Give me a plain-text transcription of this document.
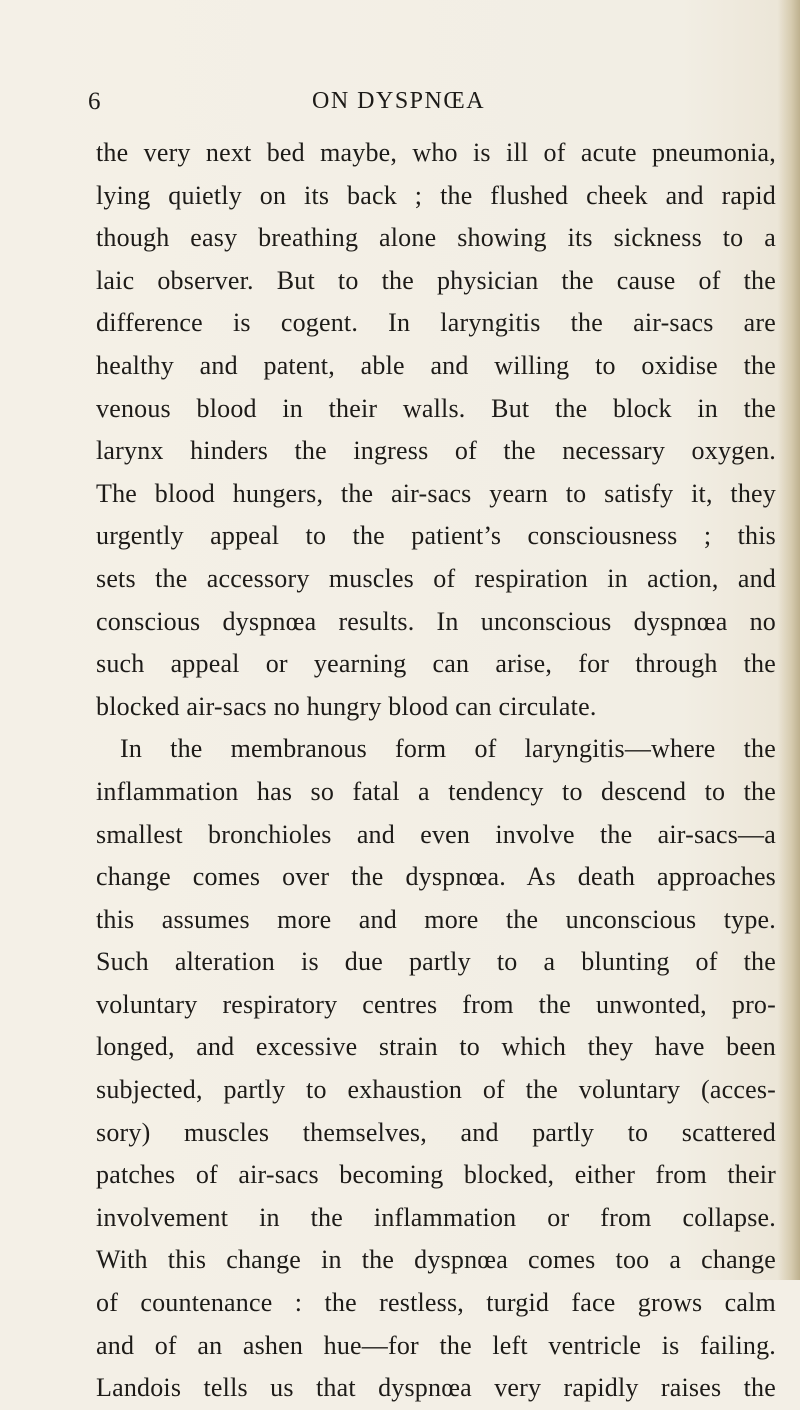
6	ON DYSPNŒA
the very next bed maybe, who is ill of acute pneumonia,
lying quietly on its back ; the flushed cheek and rapid
though easy breathing alone showing its sickness to a
laic observer. But to the physician the cause of the
difference is cogent. In laryngitis the air-sacs are
healthy and patent, able and willing to oxidise the
venous blood in their walls. But the block in the
larynx hinders the ingress of the necessary oxygen.
The blood hungers, the air-sacs yearn to satisfy it, they
urgently appeal to the patient’s consciousness ; this
sets the accessory muscles of respiration in action, and
conscious dyspnœa results. In unconscious dyspnœa no
such appeal or yearning can arise, for through the
blocked air-sacs no hungry blood can circulate.
In the membranous form of laryngitis—where the
inflammation has so fatal a tendency to descend to the
smallest bronchioles and even involve the air-sacs—a
change comes over the dyspnœa. As death approaches
this assumes more and more the unconscious type.
Such alteration is due partly to a blunting of the
voluntary respiratory centres from the unwonted, pro-
longed, and excessive strain to which they have been
subjected, partly to exhaustion of the voluntary (acces-
sory) muscles themselves, and partly to scattered
patches of air-sacs becoming blocked, either from their
involvement in the inflammation or from collapse.
With this change in the dyspnœa comes too a change
of countenance : the restless, turgid face grows calm
and of an ashen hue—for the left ventricle is failing.
Landois tells us that dyspnœa very rapidly raises the
